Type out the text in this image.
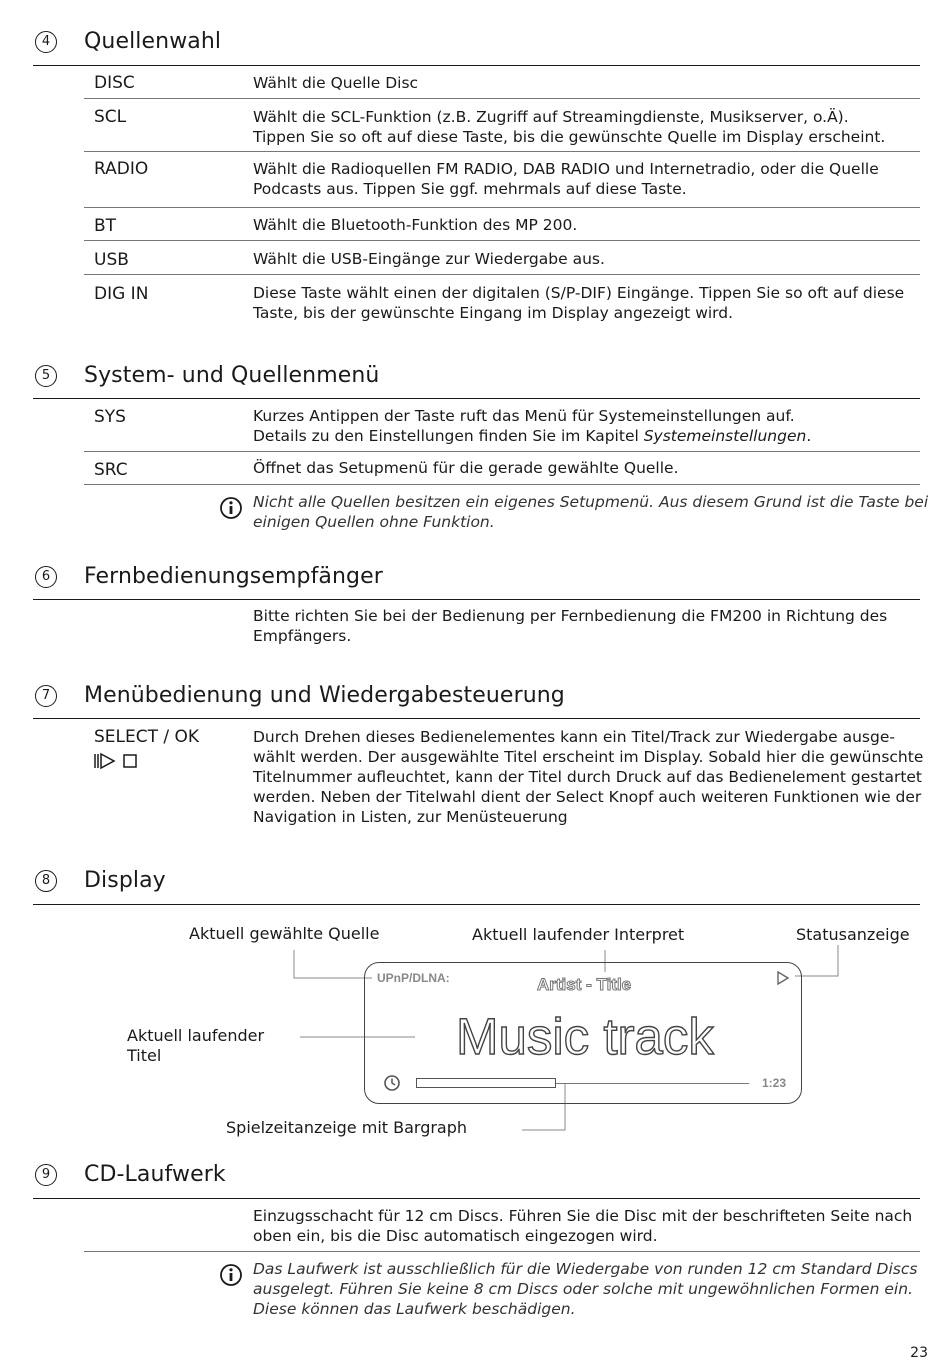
4	Quellenwahl
DISC	Wählt die Quelle Disc
SCL	Wählt die SCL-Funktion (z.B. Zugriff auf Streamingdienste, Musikserver, o.Ä).
Tippen Sie so oft auf diese Taste, bis die gewünschte Quelle im Display erscheint.
RADIO	Wählt die Radioquellen FM RADIO, DAB RADIO und Internetradio, oder die Quelle
Podcasts aus. Tippen Sie ggf. mehrmals auf diese Taste.
BT	Wählt die Bluetooth-Funktion des MP 200.
USB	Wählt die USB-Eingänge zur Wiedergabe aus.
DIG IN	Diese Taste wählt einen der digitalen (S/P-DIF) Eingänge. Tippen Sie so oft auf diese
Taste, bis der gewünschte Eingang im Display angezeigt wird.
5	System- und Quellenmenü
SYS	Kurzes Antippen der Taste ruft das Menü für Systemeinstellungen auf.
Details zu den Einstellungen finden Sie im Kapitel Systemeinstellungen.
SRC	Öffnet das Setupmenü für die gerade gewählte Quelle.
Nicht alle Quellen besitzen ein eigenes Setupmenü. Aus diesem Grund ist die Taste bei
einigen Quellen ohne Funktion.
6	Fernbedienungsempfänger
Bitte richten Sie bei der Bedienung per Fernbedienung die FM200 in Richtung des
Empfängers.
7	Menübedienung und Wiedergabesteuerung
SELECT / OK	Durch Drehen dieses Bedienelementes kann ein Titel/Track zur Wiedergabe ausge-
wählt werden. Der ausgewählte Titel erscheint im Display. Sobald hier die gewünschte
Titelnummer aufleuchtet, kann der Titel durch Druck auf das Bedienelement gestartet
werden. Neben der Titelwahl dient der Select Knopf auch weiteren Funktionen wie der
Navigation in Listen, zur Menüsteuerung
8	Display
Aktuell gewählte Quelle	Aktuell laufender Interpret	Statusanzeige
Aktuell laufender
Titel
Spielzeitanzeige mit Bargraph
UPnP/DLNA:	Artist - Title
Music track
1:23
9	CD-Laufwerk
Einzugsschacht für 12 cm Discs. Führen Sie die Disc mit der beschrifteten Seite nach
oben ein, bis die Disc automatisch eingezogen wird.
Das Laufwerk ist ausschließlich für die Wiedergabe von runden 12 cm Standard Discs
ausgelegt. Führen Sie keine 8 cm Discs oder solche mit ungewöhnlichen Formen ein.
Diese können das Laufwerk beschädigen.
23
